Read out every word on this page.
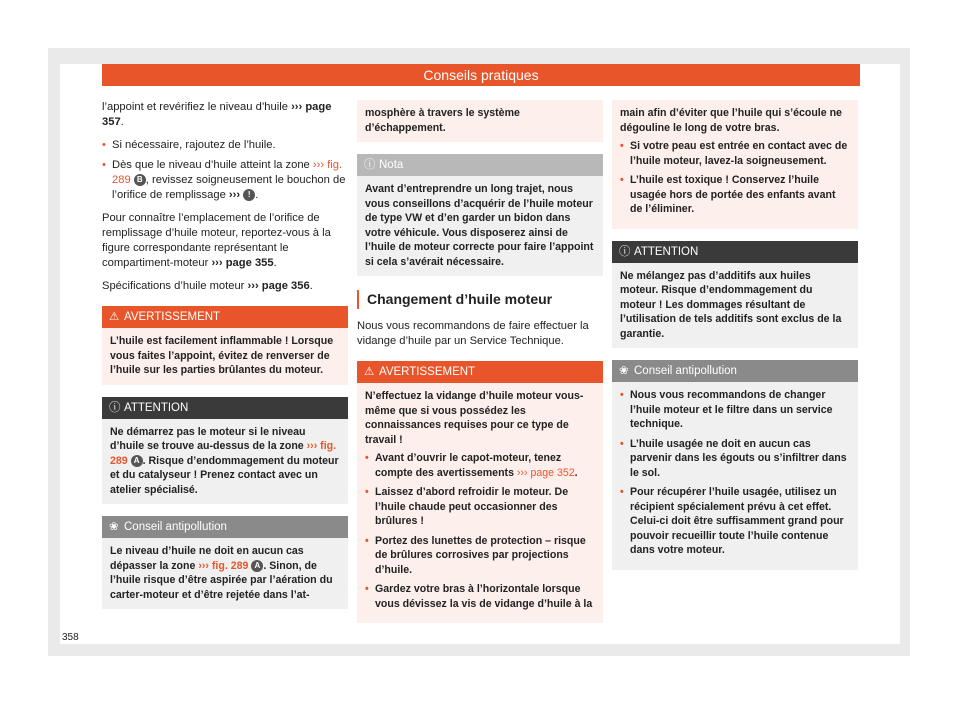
Conseils pratiques

l’appoint et revérifiez le niveau d’huile ››› page 357.

• Si nécessaire, rajoutez de l’huile.
• Dès que le niveau d’huile atteint la zone ››› fig. 289 B , revissez soigneusement le bouchon de l’orifice de remplissage ››› ! .

Pour connaître l’emplacement de l’orifice de remplissage d’huile moteur, reportez-vous à la figure correspondante représentant le compartiment-moteur ››› page 355.

Spécifications d’huile moteur ››› page 356.

⚠ AVERTISSEMENT
L’huile est facilement inflammable ! Lorsque vous faites l’appoint, évitez de renverser de l’huile sur les parties brûlantes du moteur.
ⓘ ATTENTION
Ne démarrez pas le moteur si le niveau d’huile se trouve au-dessus de la zone ››› fig. 289 A . Risque d’endommagement du moteur et du catalyseur ! Prenez contact avec un atelier spécialisé.
❀ Conseil antipollution
Le niveau d’huile ne doit en aucun cas dépasser la zone ››› fig. 289 A . Sinon, de l’huile risque d’être aspirée par l’aération du carter-moteur et d’être rejetée dans l’at-
mosphère à travers le système d’échappement.
ⓘ Nota
Avant d’entreprendre un long trajet, nous vous conseillons d’acquérir de l’huile moteur de type VW et d’en garder un bidon dans votre véhicule. Vous disposerez ainsi de l’huile de moteur correcte pour faire l’appoint si cela s’avérait nécessaire.
Changement d’huile moteur

Nous vous recommandons de faire effectuer la vidange d’huile par un Service Technique.

⚠ AVERTISSEMENT

N’effectuez la vidange d’huile moteur vous-même que si vous possédez les connaissances requises pour ce type de travail !

• Avant d’ouvrir le capot-moteur, tenez compte des avertissements ››› page 352.
• Laissez d’abord refroidir le moteur. De l’huile chaude peut occasionner des brûlures !
• Portez des lunettes de protection – risque de brûlures corrosives par projections d’huile.
• Gardez votre bras à l’horizontale lorsque vous dévissez la vis de vidange d’huile à la

main afin d’éviter que l’huile qui s’écoule ne dégouline le long de votre bras.

• Si votre peau est entrée en contact avec de l’huile moteur, lavez-la soigneusement.
• L’huile est toxique ! Conservez l’huile usagée hors de portée des enfants avant de l’éliminer.
ⓘ ATTENTION
Ne mélangez pas d’additifs aux huiles moteur. Risque d’endommagement du moteur ! Les dommages résultant de l’utilisation de tels additifs sont exclus de la garantie.
❀ Conseil antipollution
• Nous vous recommandons de changer l’huile moteur et le filtre dans un service technique.
• L’huile usagée ne doit en aucun cas parvenir dans les égouts ou s’infiltrer dans le sol.
• Pour récupérer l’huile usagée, utilisez un récipient spécialement prévu à cet effet. Celui-ci doit être suffisamment grand pour pouvoir recueillir toute l’huile contenue dans votre moteur.
358
